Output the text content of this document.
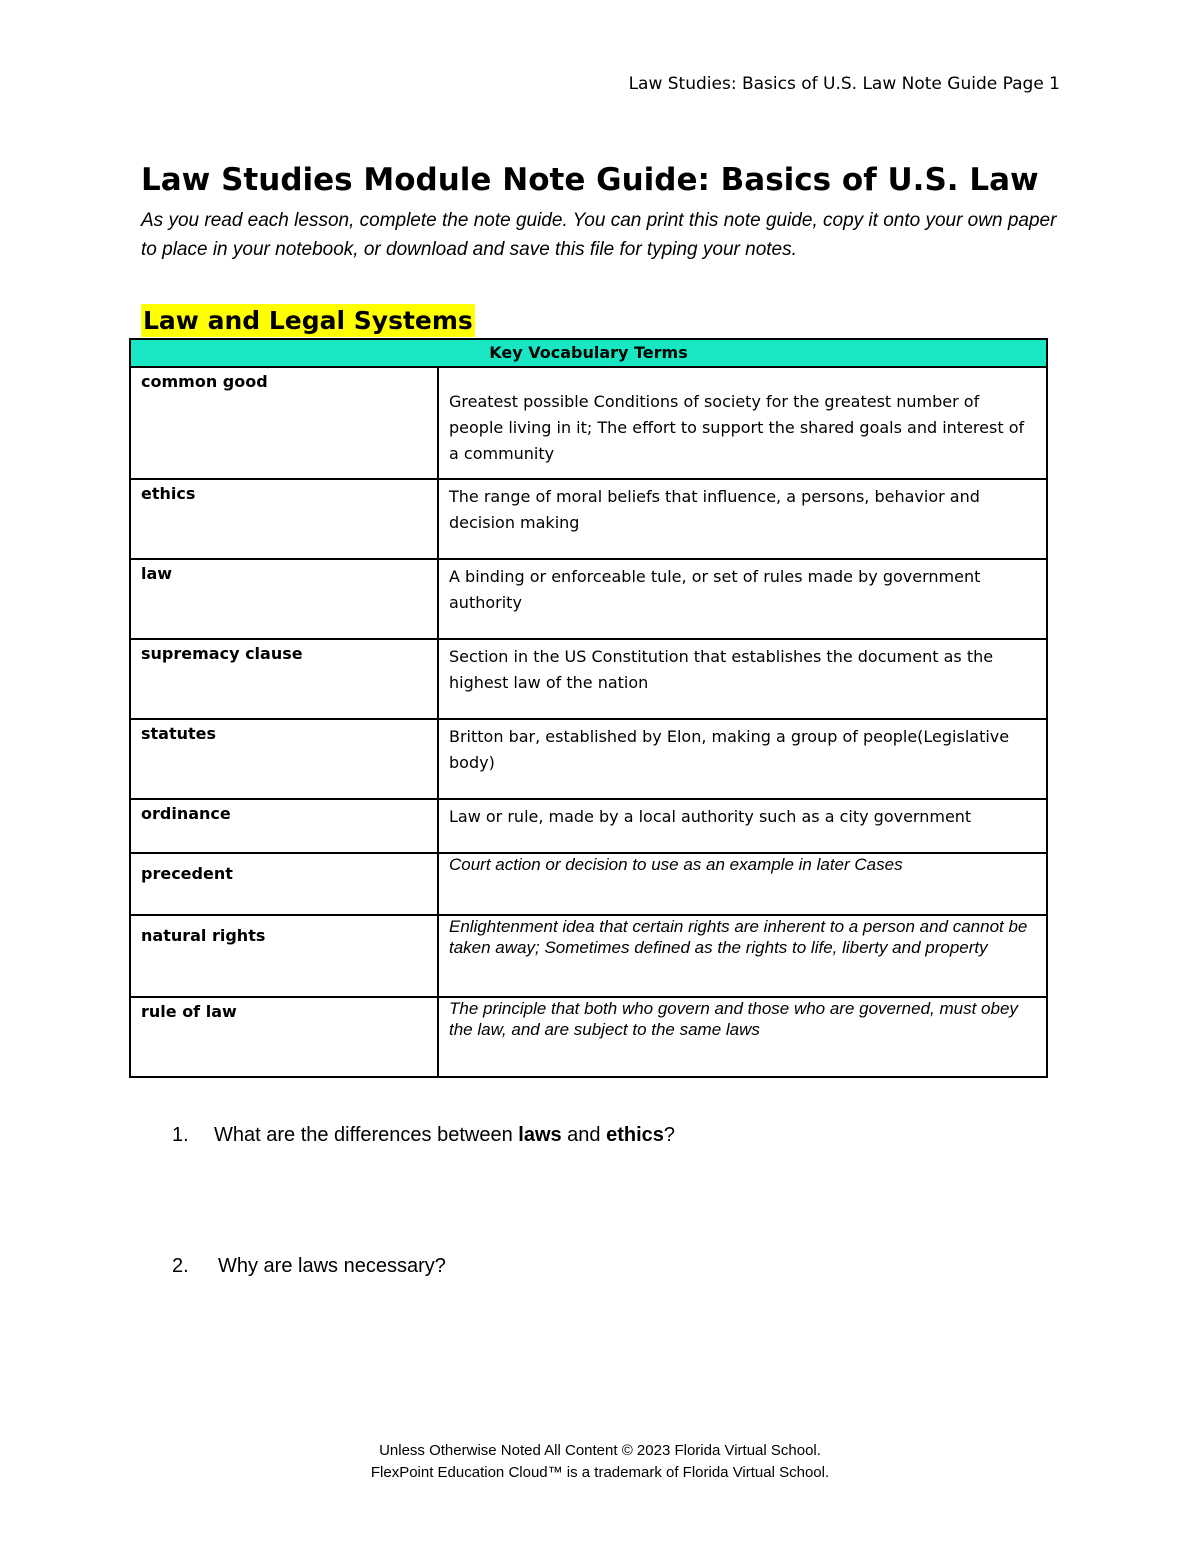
Law Studies: Basics of U.S. Law Note Guide Page 1
Law Studies Module Note Guide: Basics of U.S. Law

As you read each lesson, complete the note guide. You can print this note guide, copy it onto your own paper to place in your notebook, or download and save this file for typing your notes.

Law and Legal Systems
Key Vocabulary Terms	
common good	Greatest possible Conditions of society for the greatest number of people living in it; The effort to support the shared goals and interest of a community
ethics	The range of moral beliefs that influence, a persons, behavior and decision making
law	A binding or enforceable tule, or set of rules made by government authority
supremacy clause	Section in the US Constitution that establishes the document as the highest law of the nation
statutes	Britton bar, established by Elon, making a group of people(Legislative body)
ordinance	Law or rule, made by a local authority such as a city government
precedent	Court action or decision to use as an example in later Cases
natural rights	Enlightenment idea that certain rights are inherent to a person and cannot be taken away; Sometimes defined as the rights to life, liberty and property
rule of law	The principle that both who govern and those who are governed, must obey the law, and are subject to the same laws
1. What are the differences between laws and ethics?
2. Why are laws necessary?
Unless Otherwise Noted All Content © 2023 Florida Virtual School.
FlexPoint Education Cloud™ is a trademark of Florida Virtual School.
